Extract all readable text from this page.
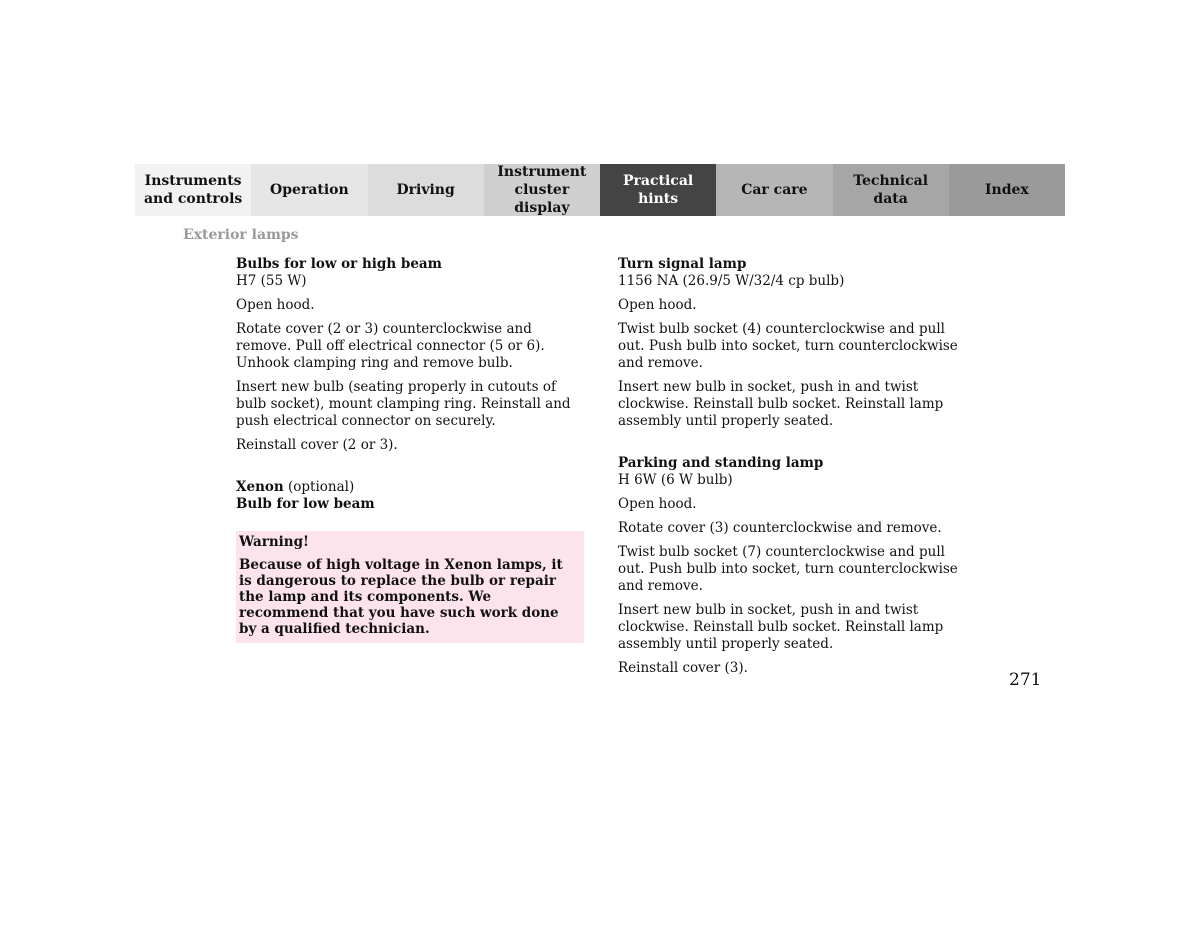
Instruments
and controls
Operation	Driving
Instrument
cluster display
Practical hints
Car care
Technical
data
Index
Exterior lamps
Bulbs for low or high beam
H7 (55 W)
Open hood.
Rotate cover (2 or 3) counterclockwise and remove. Pull off electrical connector (5 or 6). Unhook clamping ring and remove bulb.
Insert new bulb (seating properly in cutouts of bulb socket), mount clamping ring. Reinstall and push electrical connector on securely.
Reinstall cover (2 or 3).
Xenon (optional)
Bulb for low beam
Warning!
Because of high voltage in Xenon lamps, it is dangerous to replace the bulb or repair the lamp and its components. We recommend that you have such work done by a qualified technician.
Turn signal lamp
1156 NA (26.9/5 W/32/4 cp bulb)
Open hood.
Twist bulb socket (4) counterclockwise and pull out. Push bulb into socket, turn counterclockwise and remove.
Insert new bulb in socket, push in and twist clockwise. Reinstall bulb socket. Reinstall lamp assembly until properly seated.
Parking and standing lamp
H 6W (6 W bulb)
Open hood.
Rotate cover (3) counterclockwise and remove.
Twist bulb socket (7) counterclockwise and pull out. Push bulb into socket, turn counterclockwise and remove.
Insert new bulb in socket, push in and twist clockwise. Reinstall bulb socket. Reinstall lamp assembly until properly seated.
Reinstall cover (3).
271
